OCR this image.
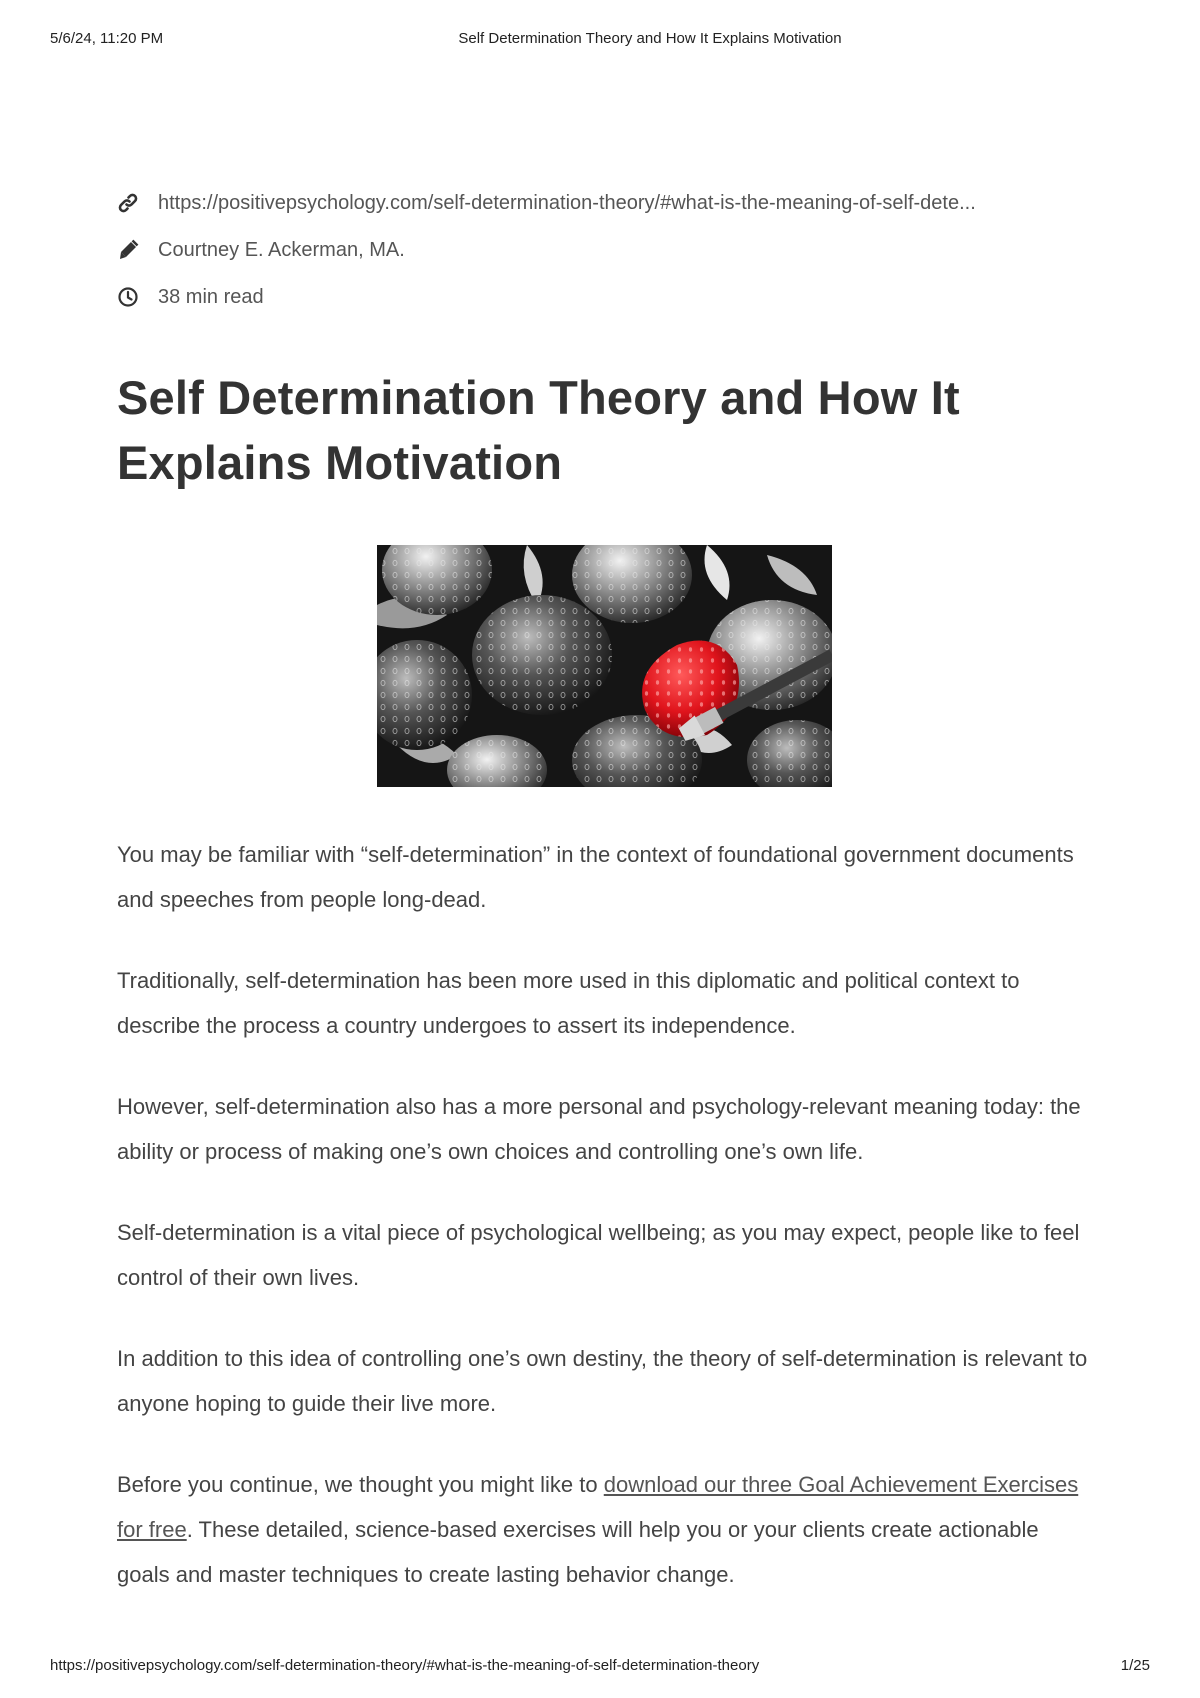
5/6/24, 11:20 PM	Self Determination Theory and How It Explains Motivation
https://positivepsychology.com/self-determination-theory/#what-is-the-meaning-of-self-dete...
Courtney E. Ackerman, MA.
38 min read
Self Determination Theory and How It Explains Motivation

You may be familiar with “self-determination” in the context of foundational government documents and speeches from people long-dead.

Traditionally, self-determination has been more used in this diplomatic and political context to describe the process a country undergoes to assert its independence.

However, self-determination also has a more personal and psychology-relevant meaning today: the ability or process of making one’s own choices and controlling one’s own life.

Self-determination is a vital piece of psychological wellbeing; as you may expect, people like to feel control of their own lives.

In addition to this idea of controlling one’s own destiny, the theory of self-determination is relevant to anyone hoping to guide their live more.

Before you continue, we thought you might like to download our three Goal Achievement Exercises for free. These detailed, science-based exercises will help you or your clients create actionable goals and master techniques to create lasting behavior change.

https://positivepsychology.com/self-determination-theory/#what-is-the-meaning-of-self-determination-theory	1/25
